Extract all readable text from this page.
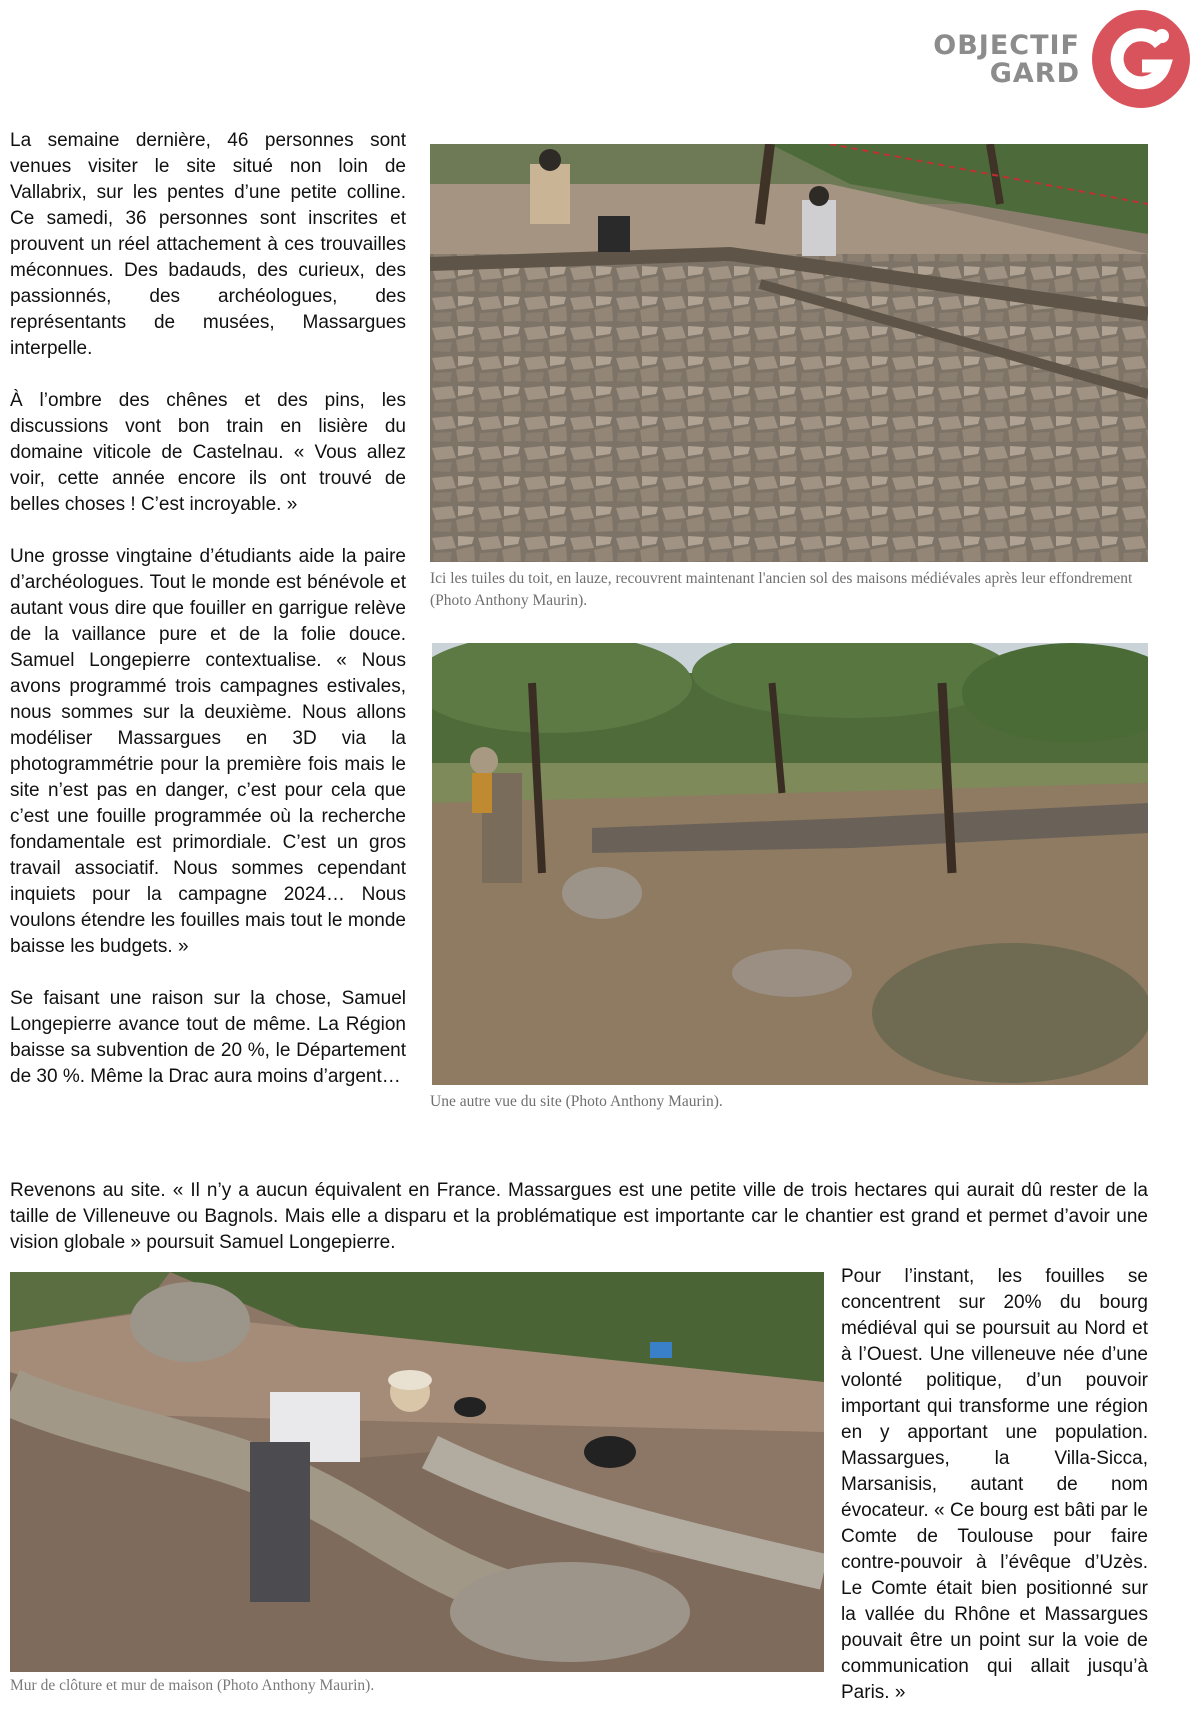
OBJECTIF
GARD

La semaine dernière, 46 personnes sont venues visiter le site situé non loin de Vallabrix, sur les pentes d’une petite colline. Ce samedi, 36 personnes sont inscrites et prouvent un réel attachement à ces trouvailles méconnues. Des badauds, des curieux, des passionnés, des archéologues, des représentants de musées, Massargues interpelle.

À l’ombre des chênes et des pins, les discussions vont bon train en lisière du domaine viticole de Castelnau. « Vous allez voir, cette année encore ils ont trouvé de belles choses ! C’est incroyable. »

Une grosse vingtaine d’étudiants aide la paire d’archéologues. Tout le monde est bénévole et autant vous dire que fouiller en garrigue relève de la vaillance pure et de la folie douce. Samuel Longepierre contextualise. « Nous avons programmé trois campagnes estivales, nous sommes sur la deuxième. Nous allons modéliser Massargues en 3D via la photogrammétrie pour la première fois mais le site n’est pas en danger, c’est pour cela que c’est une fouille programmée où la recherche fondamentale est primordiale. C’est un gros travail associatif. Nous sommes cependant inquiets pour la campagne 2024… Nous voulons étendre les fouilles mais tout le monde baisse les budgets. »

Se faisant une raison sur la chose, Samuel Longepierre avance tout de même. La Région baisse sa subvention de 20 %, le Département de 30 %. Même la Drac aura moins d’argent…

Ici les tuiles du toit, en lauze, recouvrent maintenant l'ancien sol des maisons médiévales après leur effondrement (Photo Anthony Maurin).
Une autre vue du site (Photo Anthony Maurin).

Revenons au site. « Il n’y a aucun équivalent en France. Massargues est une petite ville de trois hectares qui aurait dû rester de la taille de Villeneuve ou Bagnols. Mais elle a disparu et la problématique est importante car le chantier est grand et permet d’avoir une vision globale » poursuit Samuel Longepierre.

Mur de clôture et mur de maison (Photo Anthony Maurin).

Pour l’instant, les fouilles se concentrent sur 20% du bourg médiéval qui se poursuit au Nord et à l’Ouest. Une villeneuve née d’une volonté politique, d’un pouvoir important qui transforme une région en y apportant une population. Massargues, la Villa-Sicca, Marsanisis, autant de nom évocateur. « Ce bourg est bâti par le Comte de Toulouse pour faire contre-pouvoir à l’évêque d’Uzès. Le Comte était bien positionné sur la vallée du Rhône et Massargues pouvait être un point sur la voie de communication qui allait jusqu’à Paris. »
